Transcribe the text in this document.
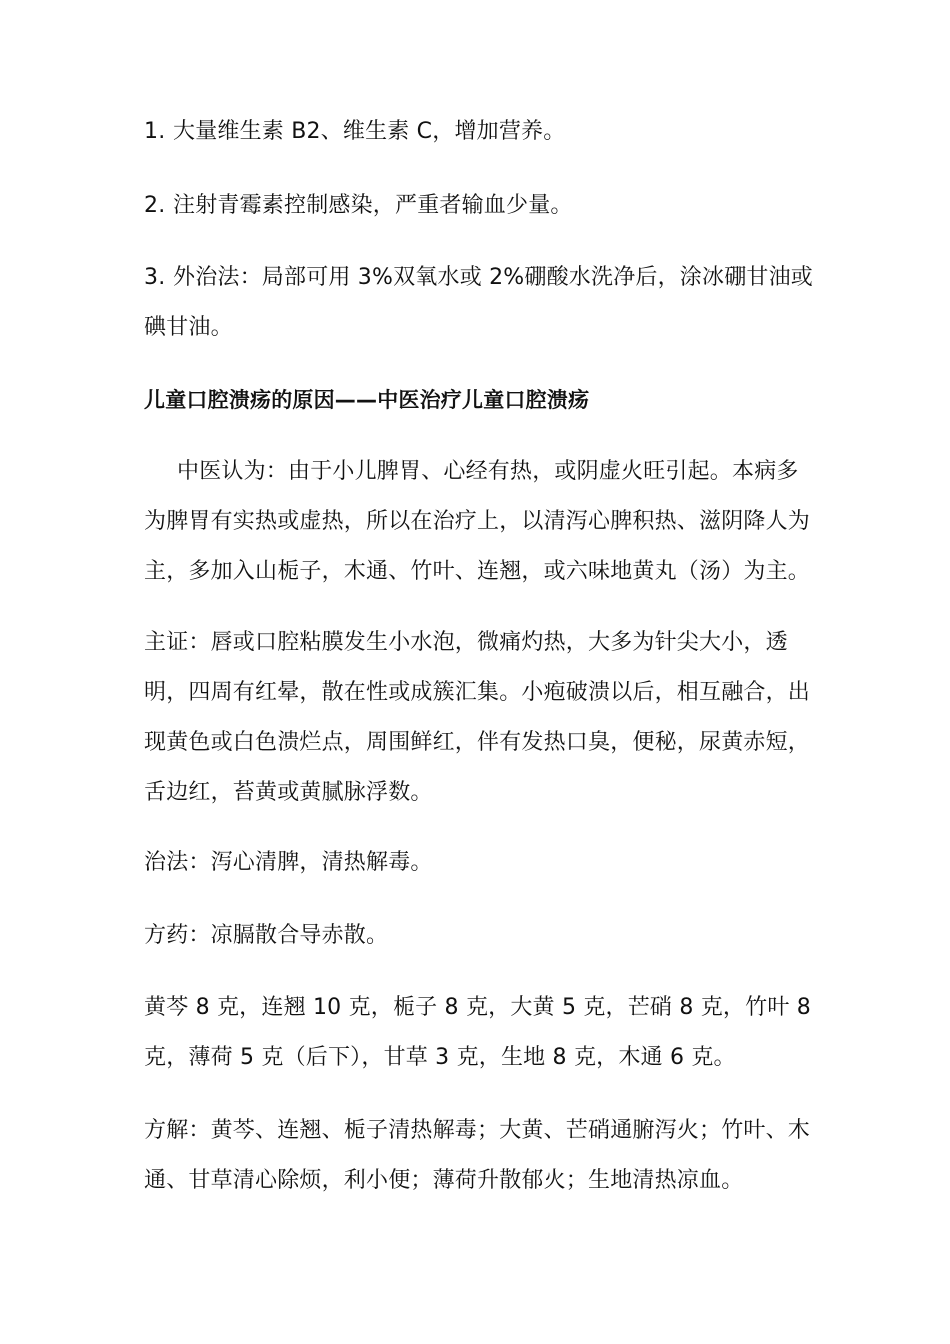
1. 大量维生素 B2、维生素 C，增加营养。

2. 注射青霉素控制感染，严重者输血少量。

3. 外治法：局部可用 3%双氧水或 2%硼酸水洗净后，涂冰硼甘油或碘甘油。

儿童口腔溃疡的原因——中医治疗儿童口腔溃疡

中医认为：由于小儿脾胃、心经有热，或阴虚火旺引起。本病多为脾胃有实热或虚热，所以在治疗上，以清泻心脾积热、滋阴降人为主，多加入山栀子，木通、竹叶、连翘，或六味地黄丸（汤）为主。

主证：唇或口腔粘膜发生小水泡，微痛灼热，大多为针尖大小，透明，四周有红晕，散在性或成簇汇集。小疱破溃以后，相互融合，出现黄色或白色溃烂点，周围鲜红，伴有发热口臭，便秘，尿黄赤短，舌边红，苔黄或黄腻脉浮数。

治法：泻心清脾，清热解毒。

方药：凉膈散合导赤散。

黄芩 8 克，连翘 10 克，栀子 8 克，大黄 5 克，芒硝 8 克，竹叶 8 克，薄荷 5 克（后下），甘草 3 克，生地 8 克，木通 6 克。

方解：黄芩、连翘、栀子清热解毒；大黄、芒硝通腑泻火；竹叶、木通、甘草清心除烦，利小便；薄荷升散郁火；生地清热凉血。
